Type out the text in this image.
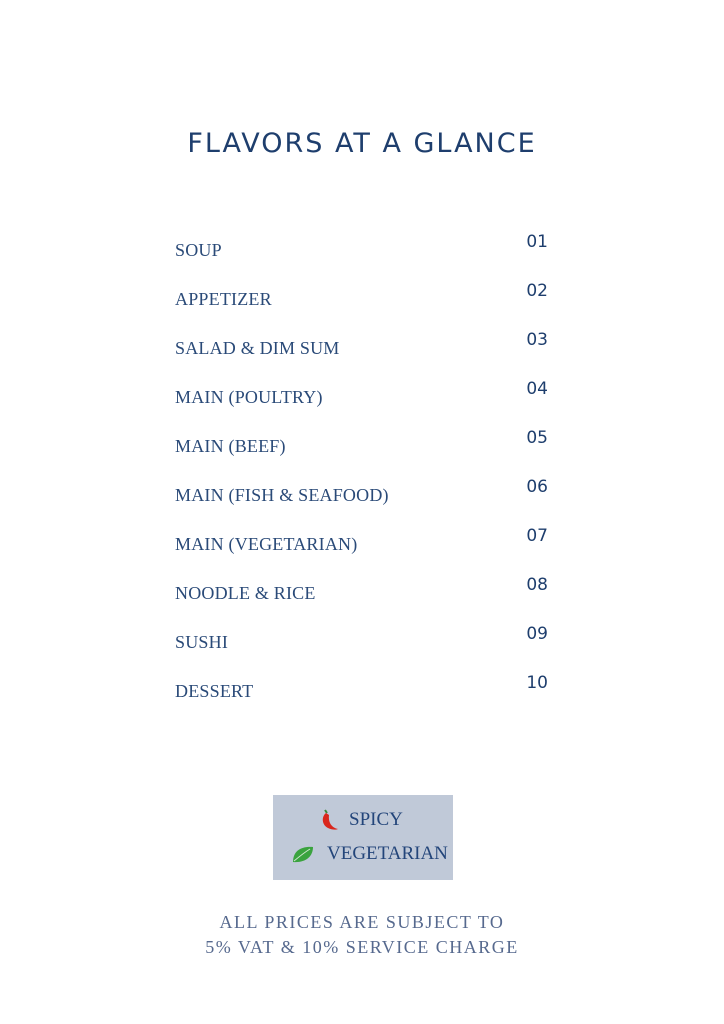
FLAVORS AT A GLANCE
SOUP	01
APPETIZER	02
SALAD & DIM SUM	03
MAIN (POULTRY)	04
MAIN (BEEF)	05
MAIN (FISH & SEAFOOD)	06
MAIN (VEGETARIAN)	07
NOODLE & RICE	08
SUSHI	09
DESSERT	10
SPICY
VEGETARIAN
ALL PRICES ARE SUBJECT TO
5% VAT & 10% SERVICE CHARGE
